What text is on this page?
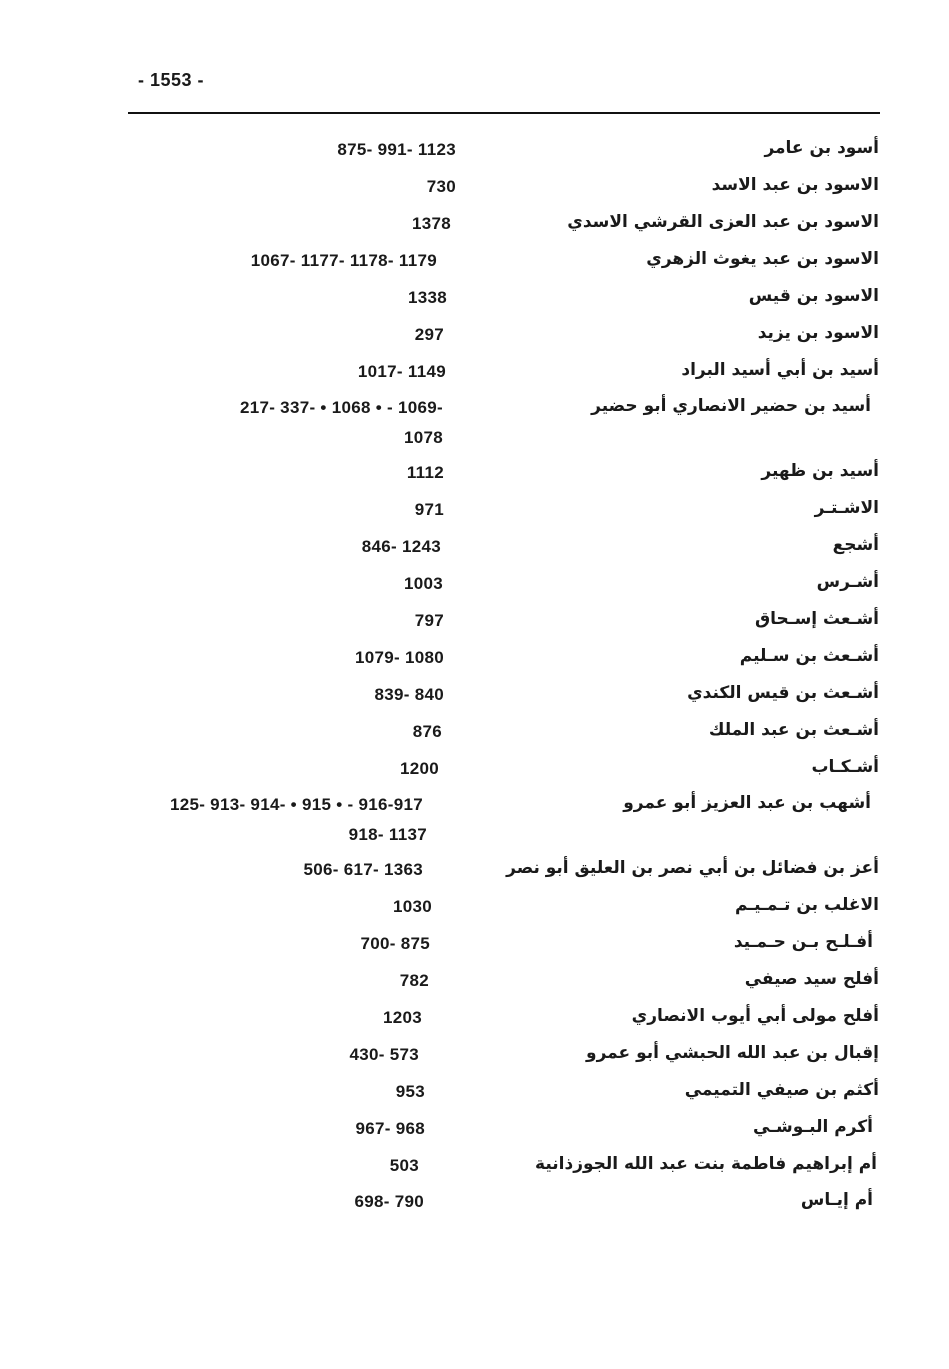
- 1553 -
أسود بن عامر
875- 991- 1123
الاسود بن عبد الاسد
730
الاسود بن عبد العزى القرشي الاسدي
1378
الاسود بن عبد يغوث الزهري
1067- 1177- 1178- 1179
الاسود بن قيس
1338
الاسود بن يزيد
297
أسيد بن أبي أسيد البراد
1017- 1149
أسيد بن حضير الانصاري أبو حضير
217- 337- • 1068 • - 1069-
1078
أسيد بن ظهير
1112
الاشـتـر
971
أشجع
846- 1243
أشـرس
1003
أشـعث إسـحاق
797
أشـعث بن سـليم
1079- 1080
أشـعث بن قيس الكندي
839- 840
أشـعث بن عبد الملك
876
أشـكـاب
1200
أشهب بن عبد العزيز أبو عمرو
125- 913- 914- • 915 • - 916-917
918- 1137
أعز بن فضائل بن أبي نصر بن العليق أبو نصر
506- 617- 1363
الاغلب بن تـمـيـم
1030
أفـلـح بـن حـمـيد
700- 875
أفلح سيد صيفي
782
أفلح مولى أبي أيوب الانصاري
1203
إقبال بن عبد الله الحبشي أبو عمرو
430- 573
أكثم بن صيفي التميمي
953
أكرم البـوشـي
967- 968
أم إبراهيم فاطمة بنت عبد الله الجوزذانية
503
أم إيـاس
698- 790
